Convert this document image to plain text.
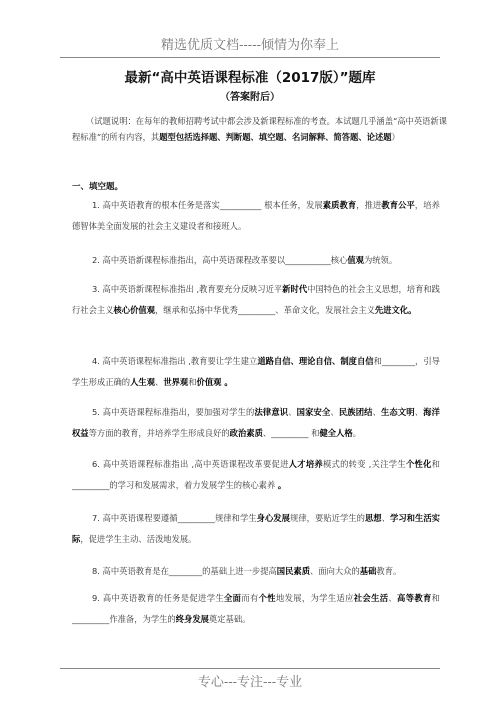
精选优质文档-----倾情为你奉上
最新“高中英语课程标准（2017版）”题库
（答案附后）
（试题说明：在每年的教师招聘考试中都会涉及新课程标准的考查。本试题几乎涵盖“高中英语新课程标准”的所有内容，其题型包括选择题、判断题、填空题、名词解释、简答题、论述题）
一、填空题。
1. 高中英语教育的根本任务是落实__________ 根本任务，发展素质教育，推进教育公平，培养德智体美全面发展的社会主义建设者和接班人。
2. 高中英语新课程标准指出，高中英语课程改革要以___________核心值观为统领。
3. 高中英语新课程标准指出 ,教育要充分反映习近平新时代中国特色的社会主义思想，培育和践行社会主义核心价值观，继承和弘扬中华优秀_________、革命文化，发展社会主义先进文化。
4. 高中英语课程标准指出 ,教育要让学生建立道路自信、理论自信、制度自信和________，引导学生形成正确的人生观、世界观和价值观 。
5. 高中英语课程标准指出，要加强对学生的法律意识、国家安全、民族团结、生态文明、海洋权益等方面的教育，并培养学生形成良好的政治素质、_________ 和健全人格。
6. 高中英语课程标准指出 ,高中英语课程改革要促进人才培养模式的转变 ,关注学生个性化和_________的学习和发展需求，着力发展学生的核心素养 。
7. 高中英语课程要遵循_________规律和学生身心发展规律，要贴近学生的思想、学习和生活实际，促进学生主动、活泼地发展。
8. 高中英语教育是在________的基础上进一步提高国民素质、面向大众的基础教育。
9. 高中英语教育的任务是促进学生全面而有个性地发展，为学生适应社会生活、高等教育和_________作准备，为学生的终身发展奠定基础。
专心---专注---专业
